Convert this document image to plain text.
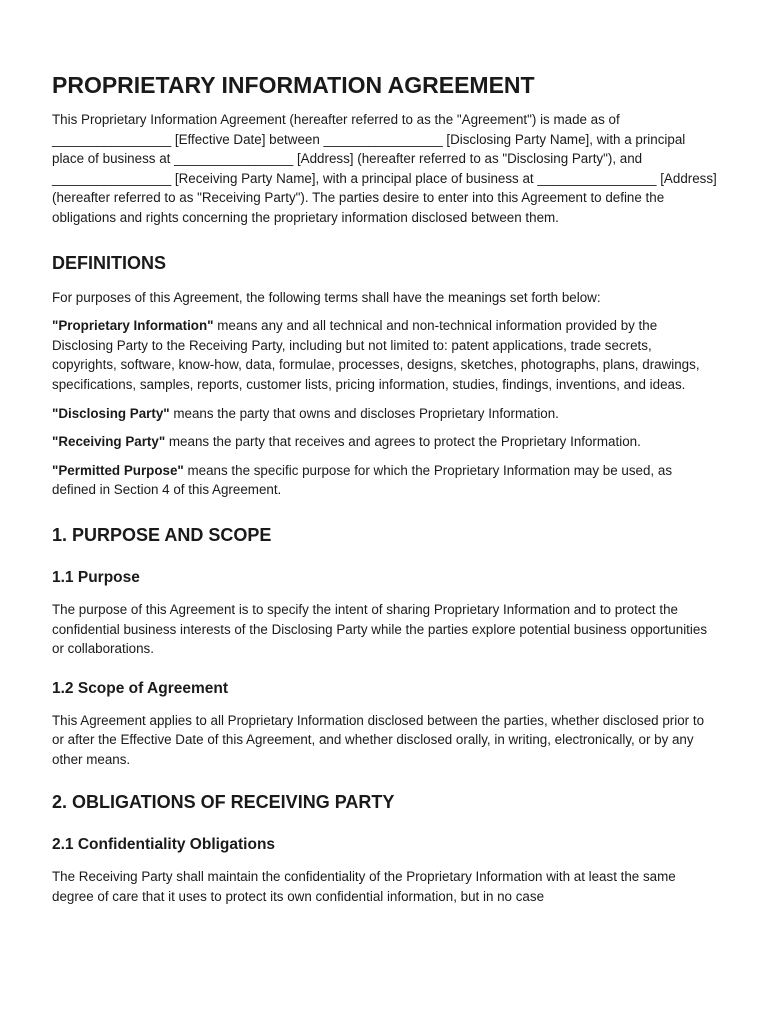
PROPRIETARY INFORMATION AGREEMENT

This Proprietary Information Agreement (hereafter referred to as the "Agreement") is made as of ________________ [Effective Date] between ________________ [Disclosing Party Name], with a principal place of business at ________________ [Address] (hereafter referred to as "Disclosing Party"), and ________________ [Receiving Party Name], with a principal place of business at ________________ [Address] (hereafter referred to as "Receiving Party"). The parties desire to enter into this Agreement to define the obligations and rights concerning the proprietary information disclosed between them.

DEFINITIONS

For purposes of this Agreement, the following terms shall have the meanings set forth below:

"Proprietary Information" means any and all technical and non-technical information provided by the Disclosing Party to the Receiving Party, including but not limited to: patent applications, trade secrets, copyrights, software, know-how, data, formulae, processes, designs, sketches, photographs, plans, drawings, specifications, samples, reports, customer lists, pricing information, studies, findings, inventions, and ideas.

"Disclosing Party" means the party that owns and discloses Proprietary Information.

"Receiving Party" means the party that receives and agrees to protect the Proprietary Information.

"Permitted Purpose" means the specific purpose for which the Proprietary Information may be used, as defined in Section 4 of this Agreement.

1. PURPOSE AND SCOPE
1.1 Purpose

The purpose of this Agreement is to specify the intent of sharing Proprietary Information and to protect the confidential business interests of the Disclosing Party while the parties explore potential business opportunities or collaborations.

1.2 Scope of Agreement

This Agreement applies to all Proprietary Information disclosed between the parties, whether disclosed prior to or after the Effective Date of this Agreement, and whether disclosed orally, in writing, electronically, or by any other means.

2. OBLIGATIONS OF RECEIVING PARTY
2.1 Confidentiality Obligations

The Receiving Party shall maintain the confidentiality of the Proprietary Information with at least the same degree of care that it uses to protect its own confidential information, but in no case
